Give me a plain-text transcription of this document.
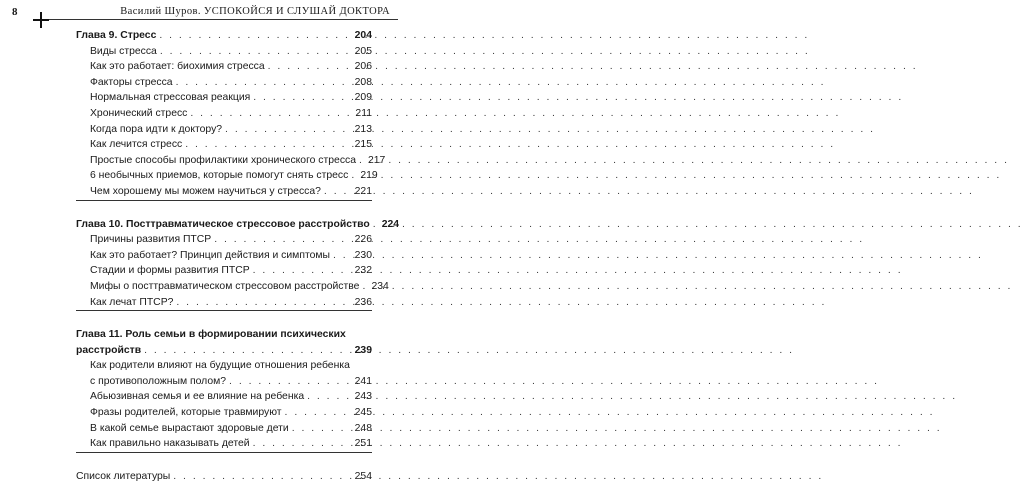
8	Василий Шуров. УСПОКОЙСЯ И СЛУШАЙ ДОКТОРА
Глава 9. Стресс . . .	204
Виды стресса . . .	205
Как это работает: биохимия стресса . . .	206
Факторы стресса . . .	208
Нормальная стрессовая реакция . . .	209
Хронический стресс . . .	211
Когда пора идти к доктору? . . .	213
Как лечится стресс . . .	215
Простые способы профилактики хронического стресса . . . 217
6 необычных приемов, которые помогут снять стресс . . . 219
Чем хорошему мы можем научиться у стресса? . . .	221
Глава 10. Посттравматическое стрессовое расстройство . . . 224
Причины развития ПТСР . . .	226
Как это работает? Принцип действия и симптомы . . . 230
Стадии и формы развития ПТСР . . .	232
Мифы о посттравматическом стрессовом расстройстве . . . 234
Как лечат ПТСР? . . .	236
Глава 11. Роль семьи в формировании психических
расстройств . . .	239
Как родители влияют на будущие отношения ребенка
с противоположным полом? . . .	241
Абьюзивная семья и ее влияние на ребенка . . .	243
Фразы родителей, которые травмируют . . .	245
В какой семье вырастают здоровые дети . . .	248
Как правильно наказывать детей . . .	251
Список литературы . . .	254
